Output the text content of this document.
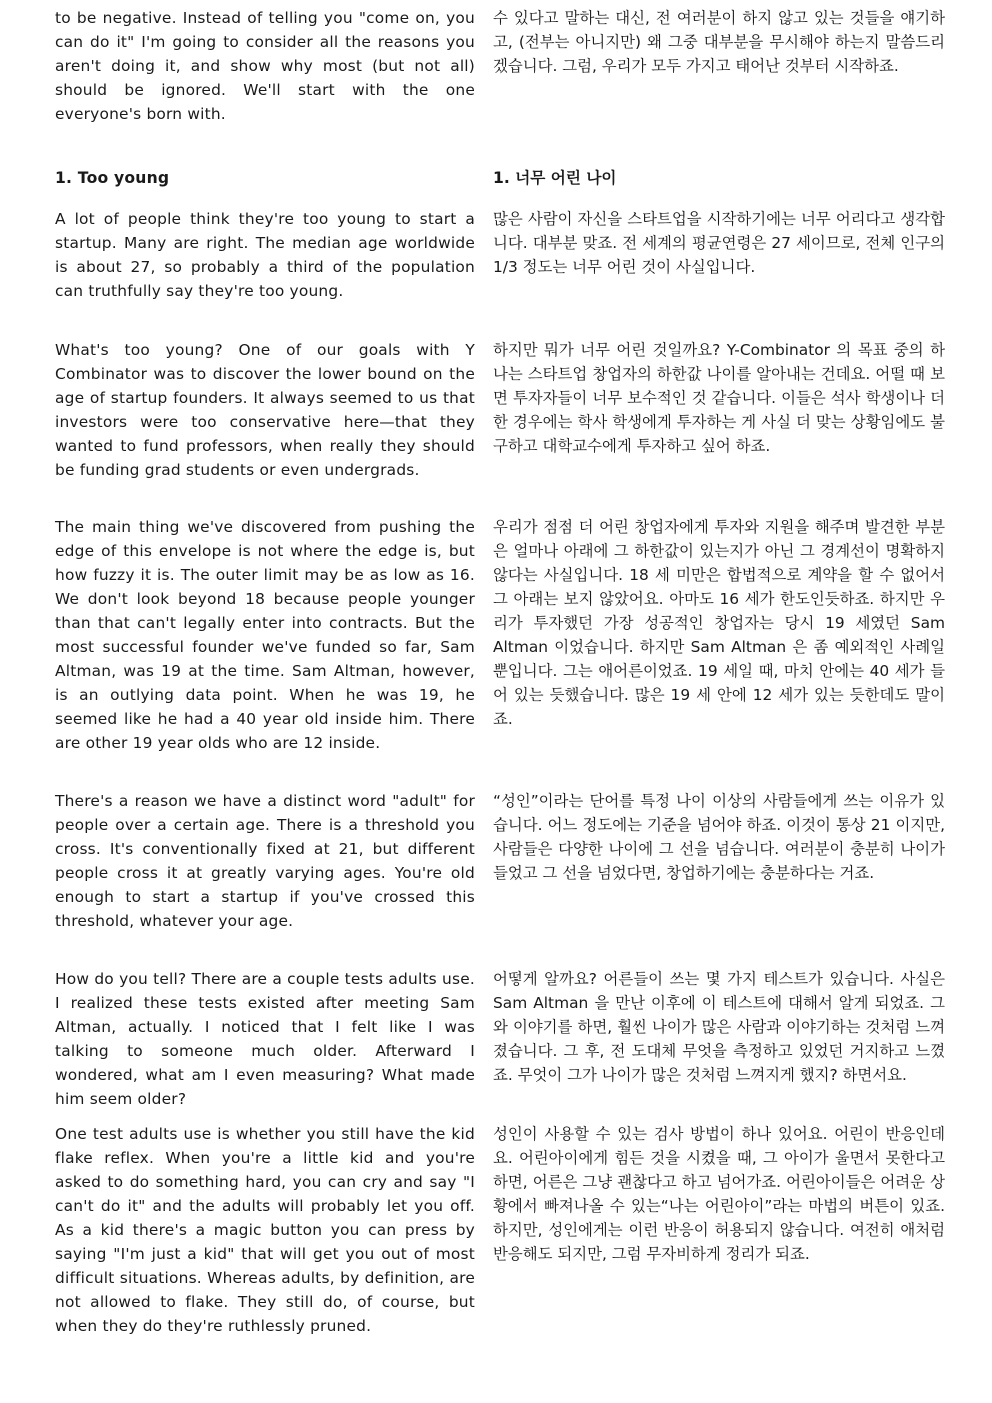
to be negative. Instead of telling you "come on, you can do it" I'm going to consider all the reasons you aren't doing it, and show why most (but not all) should be ignored. We'll start with the one everyone's born with.

수 있다고 말하는 대신, 전 여러분이 하지 않고 있는 것들을 얘기하고, (전부는 아니지만) 왜 그중 대부분을 무시해야 하는지 말씀드리겠습니다. 그럼, 우리가 모두 가지고 태어난 것부터 시작하죠.

1. Too young	1. 너무 어린 나이

A lot of people think they're too young to start a startup. Many are right. The median age worldwide is about 27, so probably a third of the population can truthfully say they're too young.

많은 사람이 자신을 스타트업을 시작하기에는 너무 어리다고 생각합니다. 대부분 맞죠. 전 세계의 평균연령은 27 세이므로, 전체 인구의 1/3 정도는 너무 어린 것이 사실입니다.

What's too young? One of our goals with Y Combinator was to discover the lower bound on the age of startup founders. It always seemed to us that investors were too conservative here—that they wanted to fund professors, when really they should be funding grad students or even undergrads.

하지만 뭐가 너무 어린 것일까요? Y-Combinator 의 목표 중의 하나는 스타트업 창업자의 하한값 나이를 알아내는 건데요. 어떨 때 보면 투자자들이 너무 보수적인 것 같습니다. 이들은 석사 학생이나 더 한 경우에는 학사 학생에게 투자하는 게 사실 더 맞는 상황임에도 불구하고 대학교수에게 투자하고 싶어 하죠.

The main thing we've discovered from pushing the edge of this envelope is not where the edge is, but how fuzzy it is. The outer limit may be as low as 16. We don't look beyond 18 because people younger than that can't legally enter into contracts. But the most successful founder we've funded so far, Sam Altman, was 19 at the time. Sam Altman, however, is an outlying data point. When he was 19, he seemed like he had a 40 year old inside him. There are other 19 year olds who are 12 inside.

우리가 점점 더 어린 창업자에게 투자와 지원을 해주며 발견한 부분은 얼마나 아래에 그 하한값이 있는지가 아닌 그 경계선이 명확하지 않다는 사실입니다. 18 세 미만은 합법적으로 계약을 할 수 없어서 그 아래는 보지 않았어요. 아마도 16 세가 한도인듯하죠. 하지만 우리가 투자했던 가장 성공적인 창업자는 당시 19 세였던 Sam Altman 이었습니다. 하지만 Sam Altman 은 좀 예외적인 사례일 뿐입니다. 그는 애어른이었죠. 19 세일 때, 마치 안에는 40 세가 들어 있는 듯했습니다. 많은 19 세 안에 12 세가 있는 듯한데도 말이죠.

There's a reason we have a distinct word "adult" for people over a certain age. There is a threshold you cross. It's conventionally fixed at 21, but different people cross it at greatly varying ages. You're old enough to start a startup if you've crossed this threshold, whatever your age.

“성인”이라는 단어를 특정 나이 이상의 사람들에게 쓰는 이유가 있습니다. 어느 정도에는 기준을 넘어야 하죠. 이것이 통상 21 이지만, 사람들은 다양한 나이에 그 선을 넘습니다. 여러분이 충분히 나이가 들었고 그 선을 넘었다면, 창업하기에는 충분하다는 거죠.

How do you tell? There are a couple tests adults use. I realized these tests existed after meeting Sam Altman, actually. I noticed that I felt like I was talking to someone much older. Afterward I wondered, what am I even measuring? What made him seem older?

어떻게 알까요? 어른들이 쓰는 몇 가지 테스트가 있습니다. 사실은 Sam Altman 을 만난 이후에 이 테스트에 대해서 알게 되었죠. 그와 이야기를 하면, 훨씬 나이가 많은 사람과 이야기하는 것처럼 느껴졌습니다. 그 후, 전 도대체 무엇을 측정하고 있었던 거지하고 느꼈죠. 무엇이 그가 나이가 많은 것처럼 느껴지게 했지? 하면서요.

One test adults use is whether you still have the kid flake reflex. When you're a little kid and you're asked to do something hard, you can cry and say "I can't do it" and the adults will probably let you off. As a kid there's a magic button you can press by saying "I'm just a kid" that will get you out of most difficult situations. Whereas adults, by definition, are not allowed to flake. They still do, of course, but when they do they're ruthlessly pruned.

성인이 사용할 수 있는 검사 방법이 하나 있어요. 어린이 반응인데요. 어린아이에게 힘든 것을 시켰을 때, 그 아이가 울면서 못한다고 하면, 어른은 그냥 괜찮다고 하고 넘어가죠. 어린아이들은 어려운 상황에서 빠져나올 수 있는“나는 어린아이”라는 마법의 버튼이 있죠. 하지만, 성인에게는 이런 반응이 허용되지 않습니다. 여전히 애처럼 반응해도 되지만, 그럼 무자비하게 정리가 되죠.
